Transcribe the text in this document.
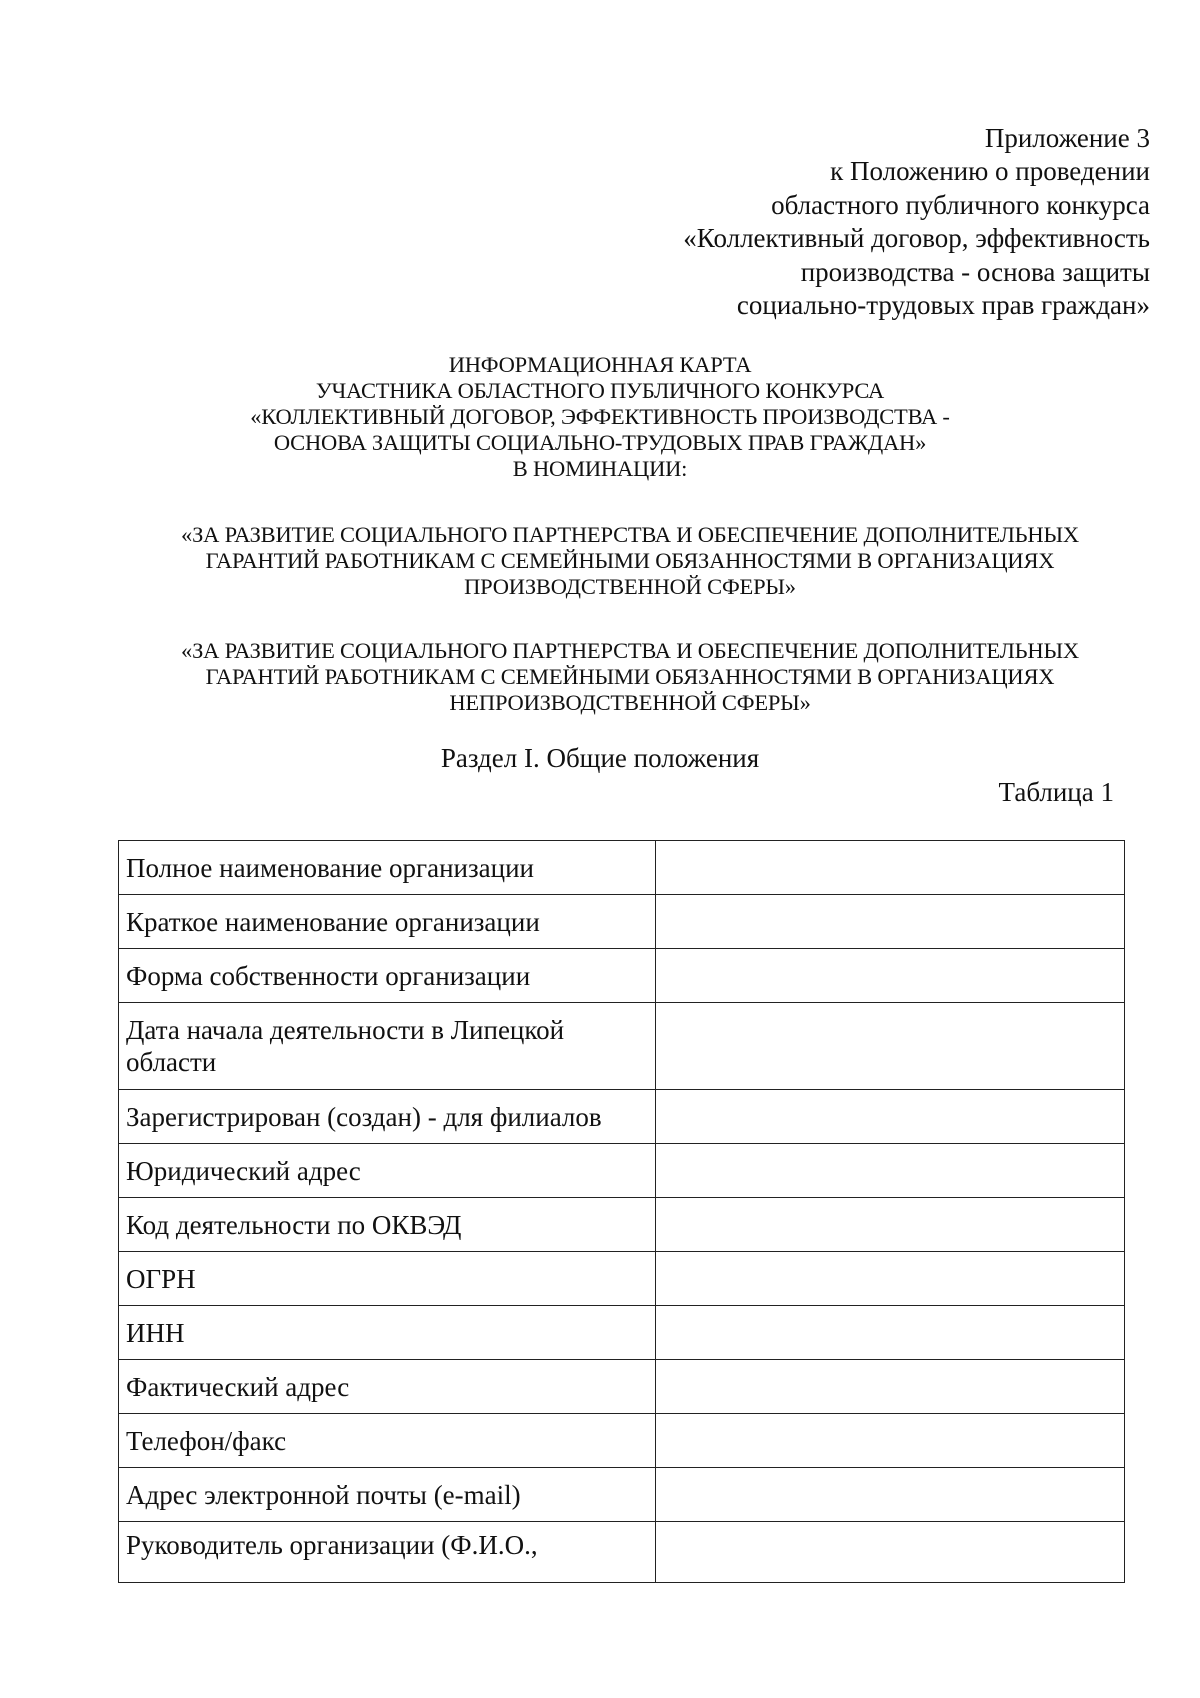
Приложение 3
к Положению о проведении
областного публичного конкурса
«Коллективный договор, эффективность
производства - основа защиты
социально-трудовых прав граждан»
ИНФОРМАЦИОННАЯ КАРТА
УЧАСТНИКА ОБЛАСТНОГО ПУБЛИЧНОГО КОНКУРСА
«КОЛЛЕКТИВНЫЙ ДОГОВОР, ЭФФЕКТИВНОСТЬ ПРОИЗВОДСТВА -
ОСНОВА ЗАЩИТЫ СОЦИАЛЬНО-ТРУДОВЫХ ПРАВ ГРАЖДАН»
В НОМИНАЦИИ:
«ЗА РАЗВИТИЕ СОЦИАЛЬНОГО ПАРТНЕРСТВА И ОБЕСПЕЧЕНИЕ ДОПОЛНИТЕЛЬНЫХ
ГАРАНТИЙ РАБОТНИКАМ С СЕМЕЙНЫМИ ОБЯЗАННОСТЯМИ В ОРГАНИЗАЦИЯХ
ПРОИЗВОДСТВЕННОЙ СФЕРЫ»
«ЗА РАЗВИТИЕ СОЦИАЛЬНОГО ПАРТНЕРСТВА И ОБЕСПЕЧЕНИЕ ДОПОЛНИТЕЛЬНЫХ
ГАРАНТИЙ РАБОТНИКАМ С СЕМЕЙНЫМИ ОБЯЗАННОСТЯМИ В ОРГАНИЗАЦИЯХ
НЕПРОИЗВОДСТВЕННОЙ СФЕРЫ»
Раздел I. Общие положения
Таблица 1
Полное наименование организации	
Краткое наименование организации	
Форма собственности организации	
Дата начала деятельности в Липецкой области	
Зарегистрирован (создан) - для филиалов	
Юридический адрес	
Код деятельности по ОКВЭД	
ОГРН	
ИНН	
Фактический адрес	
Телефон/факс	
Адрес электронной почты (e-mail)	
Руководитель организации (Ф.И.О.,	
